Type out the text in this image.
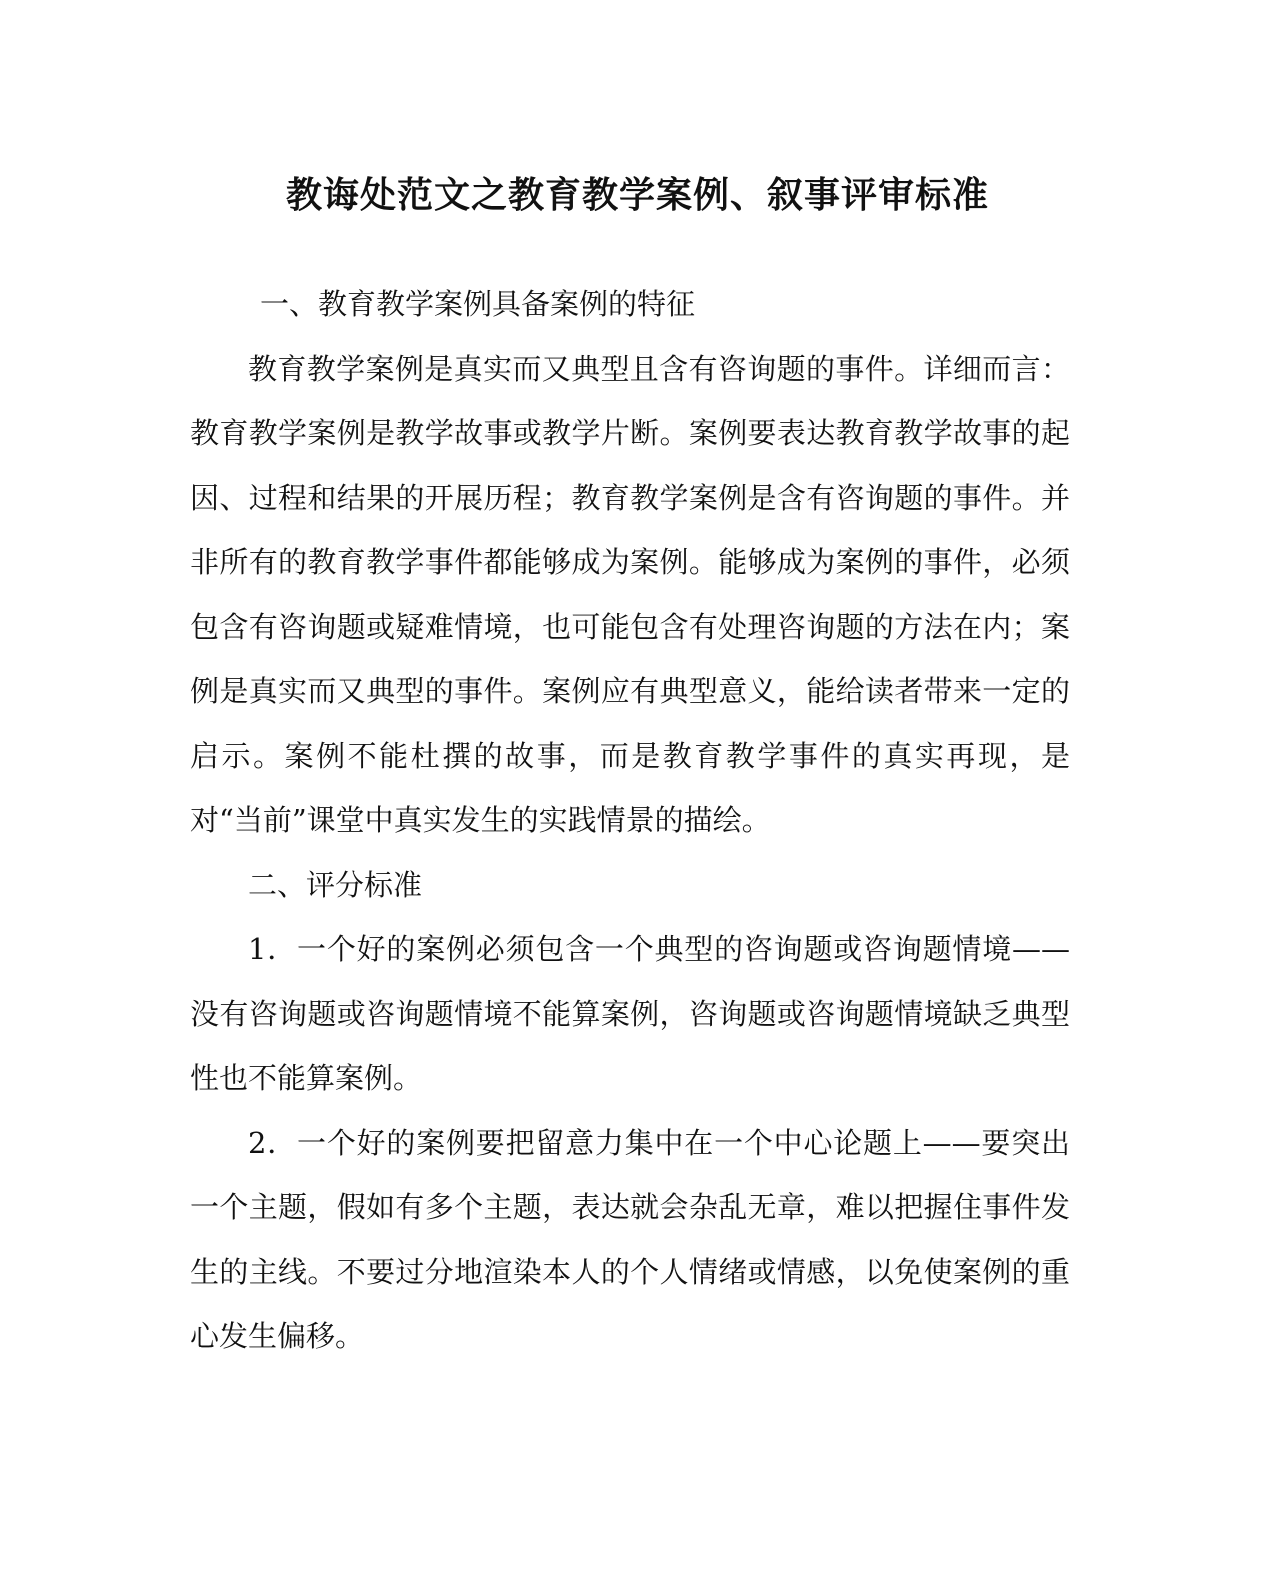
教诲处范文之教育教学案例、叙事评审标准

一、教育教学案例具备案例的特征

教育教学案例是真实而又典型且含有咨询题的事件。详细而言：教育教学案例是教学故事或教学片断。案例要表达教育教学故事的起因、过程和结果的开展历程；教育教学案例是含有咨询题的事件。并非所有的教育教学事件都能够成为案例。能够成为案例的事件，必须包含有咨询题或疑难情境，也可能包含有处理咨询题的方法在内；案例是真实而又典型的事件。案例应有典型意义，能给读者带来一定的启示。案例不能杜撰的故事，而是教育教学事件的真实再现，是对“当前”课堂中真实发生的实践情景的描绘。

二、评分标准

1．一个好的案例必须包含一个典型的咨询题或咨询题情境——没有咨询题或咨询题情境不能算案例，咨询题或咨询题情境缺乏典型性也不能算案例。

2．一个好的案例要把留意力集中在一个中心论题上——要突出一个主题，假如有多个主题，表达就会杂乱无章，难以把握住事件发生的主线。不要过分地渲染本人的个人情绪或情感，以免使案例的重心发生偏移。
